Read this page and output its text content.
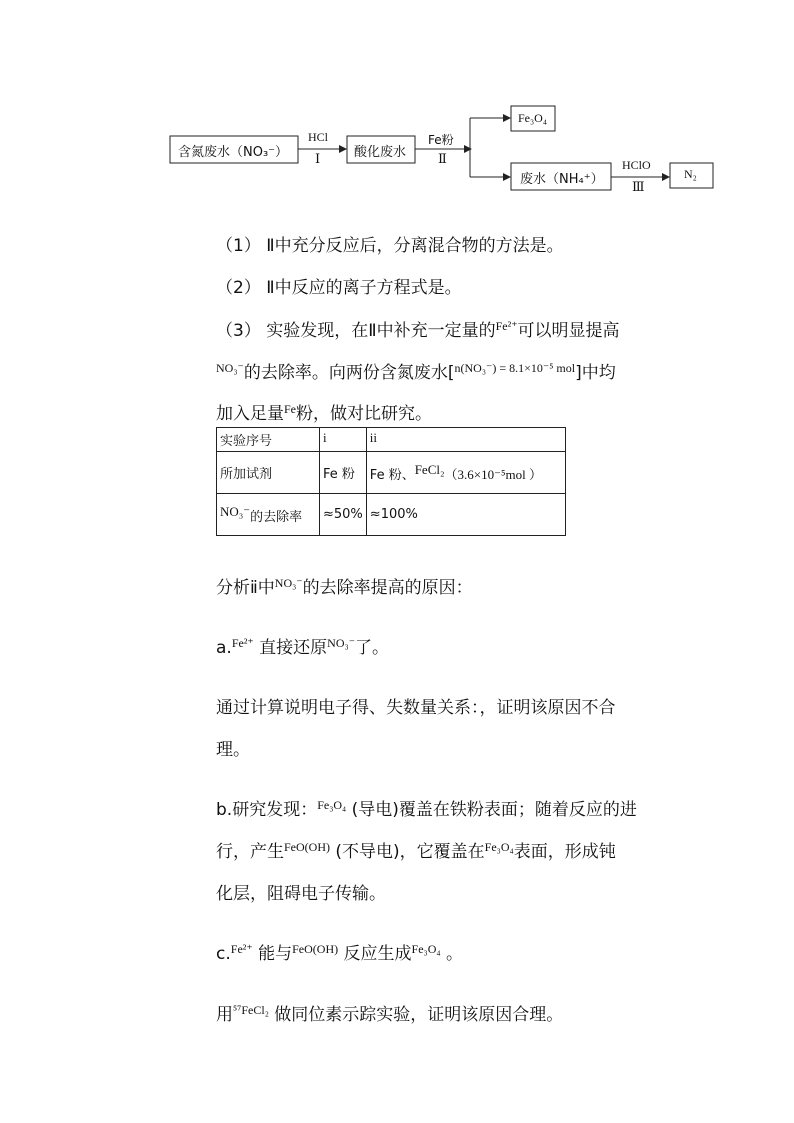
含氮废水（NO₃⁻）
HCl
Ⅰ	酸化废水
Fe粉
Ⅱ
Fe₃O₄
废水（NH₄⁺）
HClO
Ⅲ
N₂
（1） Ⅱ中充分反应后，分离混合物的方法是。
（2） Ⅱ中反应的离子方程式是。
（3） 实验发现，在Ⅱ中补充一定量的$^{Fe^{2+}}$可以明显提高
$^{NO_3^-}$的去除率。向两份含氮废水[$^{n(NO_3^-) = 8.1\times 10^{-5} mol}$]中均
加入足量$^{Fe}$粉，做对比研究。
实验序号	i	ii
所加试剂	Fe 粉	Fe 粉、FeCl₂（3.6×10⁻⁵mol ）
NO₃⁻的去除率	≈50%	≈100%
分析ⅱ中$^{NO_3^-}$的去除率提高的原因：
a.$^{Fe^{2+}}$ 直接还原$^{NO_3^-}$了。
通过计算说明电子得、失数量关系：，证明该原因不合
理。
b.研究发现：$^{Fe_3O_4}$ (导电)覆盖在铁粉表面；随着反应的进
行，产生$^{FeO(OH)}$ (不导电)，它覆盖在$^{Fe_3O_4}$表面，形成钝
化层，阻碍电子传输。
c.$^{Fe^{2+}}$ 能与$^{FeO(OH)}$ 反应生成$^{Fe_3O_4}$ 。
用$^{^{57}FeCl_2}$ 做同位素示踪实验，证明该原因合理。
